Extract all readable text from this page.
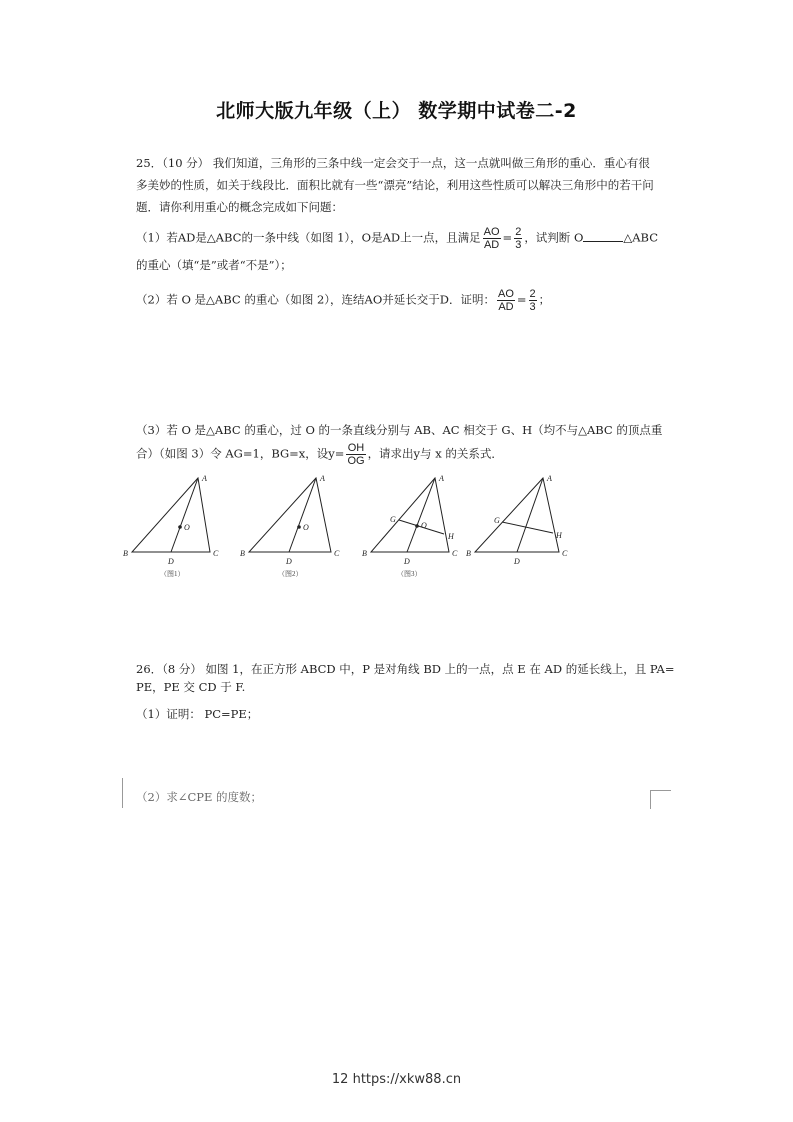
北师大版九年级（上） 数学期中试卷二-2
25．（10 分） 我们知道，三角形的三条中线一定会交于一点，这一点就叫做三角形的重心．重心有很多美妙的性质，如关于线段比．面积比就有一些“漂亮”结论，利用这些性质可以解决三角形中的若干问题．请你利用重心的概念完成如下问题：
（1）若AD是△ABC的一条中线（如图 1），O是AD上一点，且满足 $\frac{AO}{AD} = \frac{2}{3}$ ，试判断 O	△ABC
的重心（填“是”或者“不是”）；
（2）若 O 是△ABC 的重心（如图 2），连结AO并延长交于D．证明： $\frac{AO}{AD} = \frac{2}{3}$ ；
（3）若 O 是△ABC 的重心，过 O 的一条直线分别与 AB、AC 相交于 G、H（均不与△ABC 的顶点重
合）（如图 3）令 AG=1，BG=x，设$y= \frac{OH}{OG}$ ，请求出y与 x 的关系式．
A
B	C
D
O
（图1）
A
B	C
D
O
（图2）
A
B	C
D
O
G
H
（图3）
A
B	C
D
G
H
26．（8 分） 如图 1，在正方形 ABCD 中，P 是对角线 BD 上的一点，点 E 在 AD 的延长线上，且 PA=
PE，PE 交 CD 于 F.
（1）证明： PC=PE；
（2）求∠CPE 的度数；
12 https://xkw88.cn
